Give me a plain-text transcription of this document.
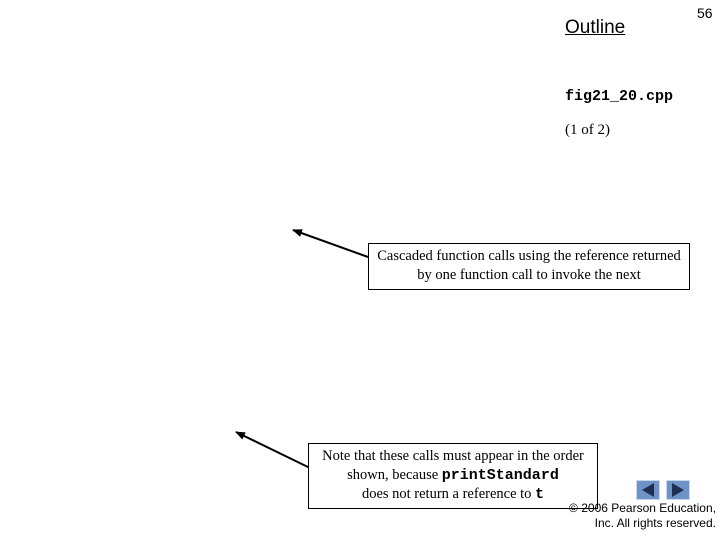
56
Outline
fig21_20.cpp
(1 of 2)
Cascaded function calls using the reference returned by one function call to invoke the next
Note that these calls must appear in the order shown, because printStandard
does not return a reference to t
© 2006 Pearson Education,
Inc. All rights reserved.
